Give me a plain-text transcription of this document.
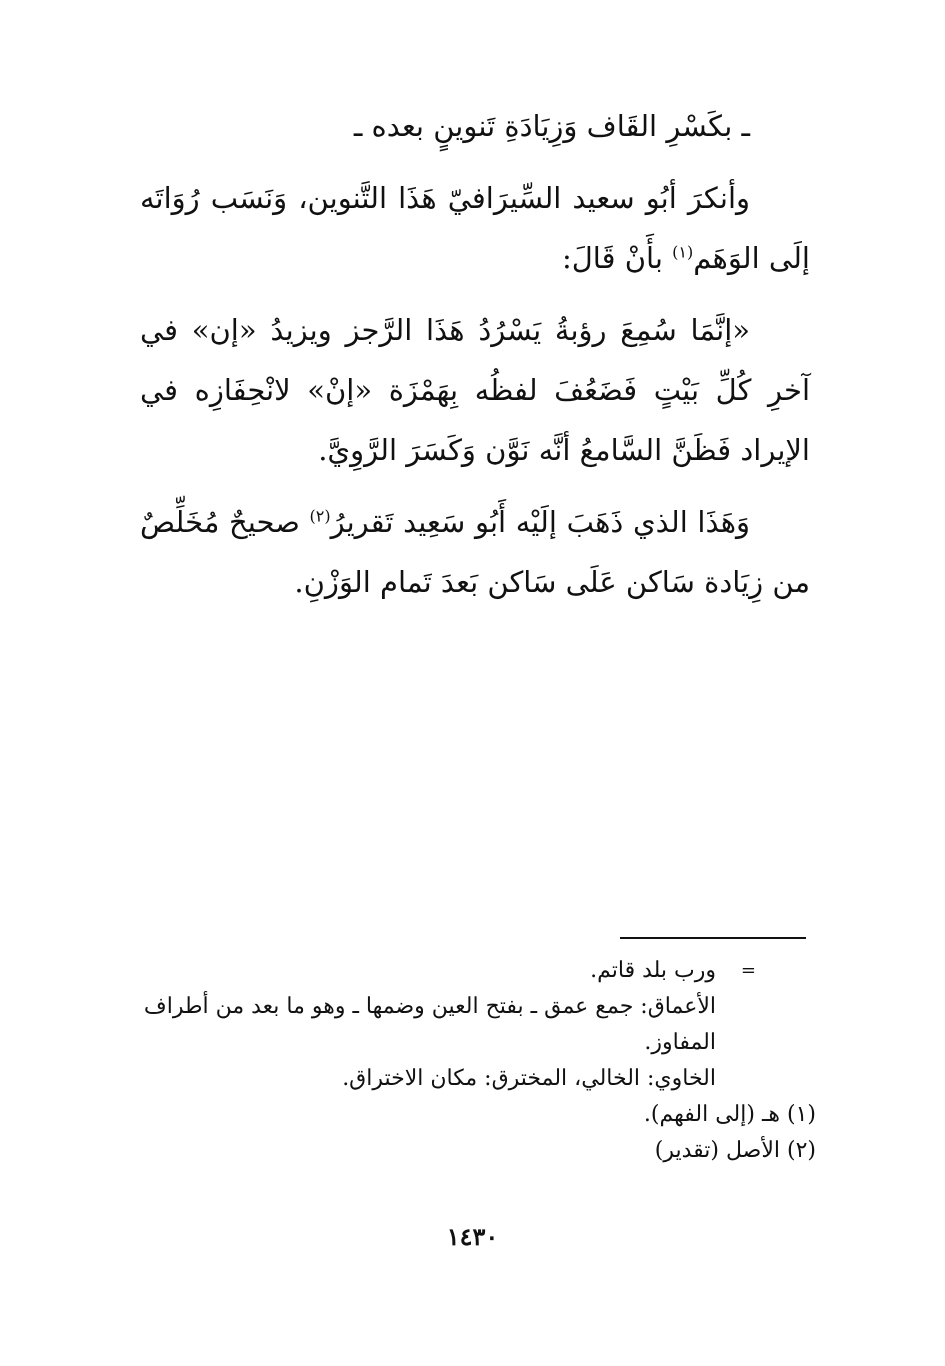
ـ بكَسْرِ القَاف وَزِيَادَةِ تَنوينٍ بعده ـ

وأنكرَ أبُو سعيد السِّيرَافيّ هَذَا التَّنوين، وَنَسَب رُوَاتَه إلَى الوَهَم$^{(١)}$ بأَنْ قَالَ:

«إنَّمَا سُمِعَ رؤبةُ يَسْرُدُ هَذَا الرَّجز ويزيدُ «إن» في آخرِ كُلِّ بَيْتٍ فَضَعُفَ لفظُه بِهَمْزَة «إنْ» لانْحِفَازِه في الإيراد فَظَنَّ السَّامعُ أنَّه نَوَّن وَكَسَرَ الرَّوِيَّ.

وَهَذَا الذي ذَهَبَ إلَيْه أَبُو سَعِيد تَقريرُ$^{(٢)}$ صحيحٌ مُخَلِّصٌ من زِيَادة سَاكن عَلَى سَاكن بَعدَ تَمام الوَزْنِ.

=
ورب بلد قاتم.
الأعماق: جمع عمق ـ بفتح العين وضمها ـ وهو ما بعد من أطراف المفاوز.
الخاوي: الخالي، المخترق: مكان الاختراق.
(١) هـ (إلى الفهم).
(٢) الأصل (تقدير)
١٤٣٠
